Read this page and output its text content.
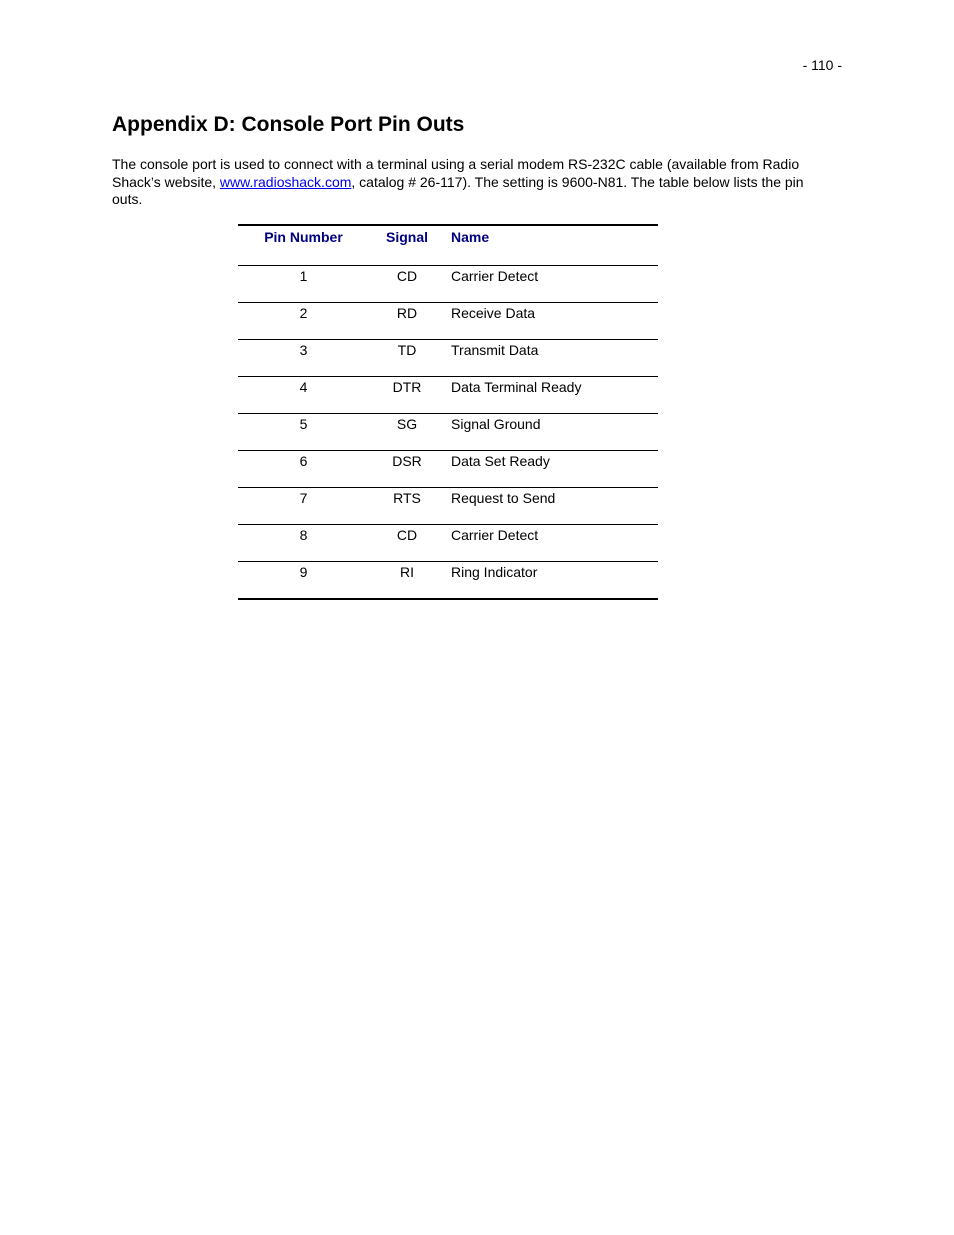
- 110 -
Appendix D: Console Port Pin Outs

The console port is used to connect with a terminal using a serial modem RS-232C cable (available from Radio Shack’s website, www.radioshack.com, catalog # 26-117). The setting is 9600-N81. The table below lists the pin outs.

Pin Number	Signal	Name
1	CD	Carrier Detect
2	RD	Receive Data
3	TD	Transmit Data
4	DTR	Data Terminal Ready
5	SG	Signal Ground
6	DSR	Data Set Ready
7	RTS	Request to Send
8	CD	Carrier Detect
9	RI	Ring Indicator
